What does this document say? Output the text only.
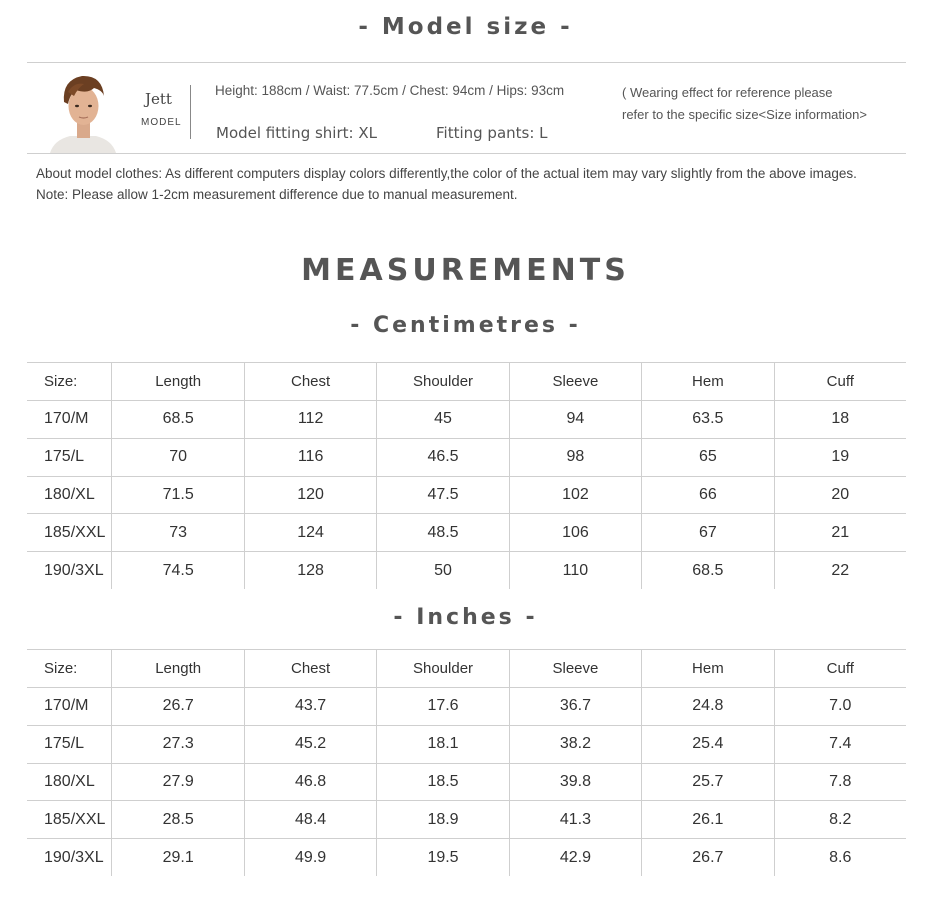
- Model size -
Jett
MODEL
Height: 188cm / Waist: 77.5cm / Chest: 94cm / Hips: 93cm
Model fitting shirt: XL	Fitting pants: L
( Wearing effect for reference please
refer to the specific size<Size information>
About model clothes: As different computers display colors differently,the color of the actual item may vary slightly from the above images.
Note: Please allow 1-2cm measurement difference due to manual measurement.
MEASUREMENTS
- Centimetres -
Size:	Length	Chest	Shoulder	Sleeve	Hem	Cuff
170/M	68.5	112	45	94	63.5	18
175/L	70	116	46.5	98	65	19
180/XL	71.5	120	47.5	102	66	20
185/XXL	73	124	48.5	106	67	21
190/3XL	74.5	128	50	110	68.5	22
- Inches -
Size:	Length	Chest	Shoulder	Sleeve	Hem	Cuff
170/M	26.7	43.7	17.6	36.7	24.8	7.0
175/L	27.3	45.2	18.1	38.2	25.4	7.4
180/XL	27.9	46.8	18.5	39.8	25.7	7.8
185/XXL	28.5	48.4	18.9	41.3	26.1	8.2
190/3XL	29.1	49.9	19.5	42.9	26.7	8.6
